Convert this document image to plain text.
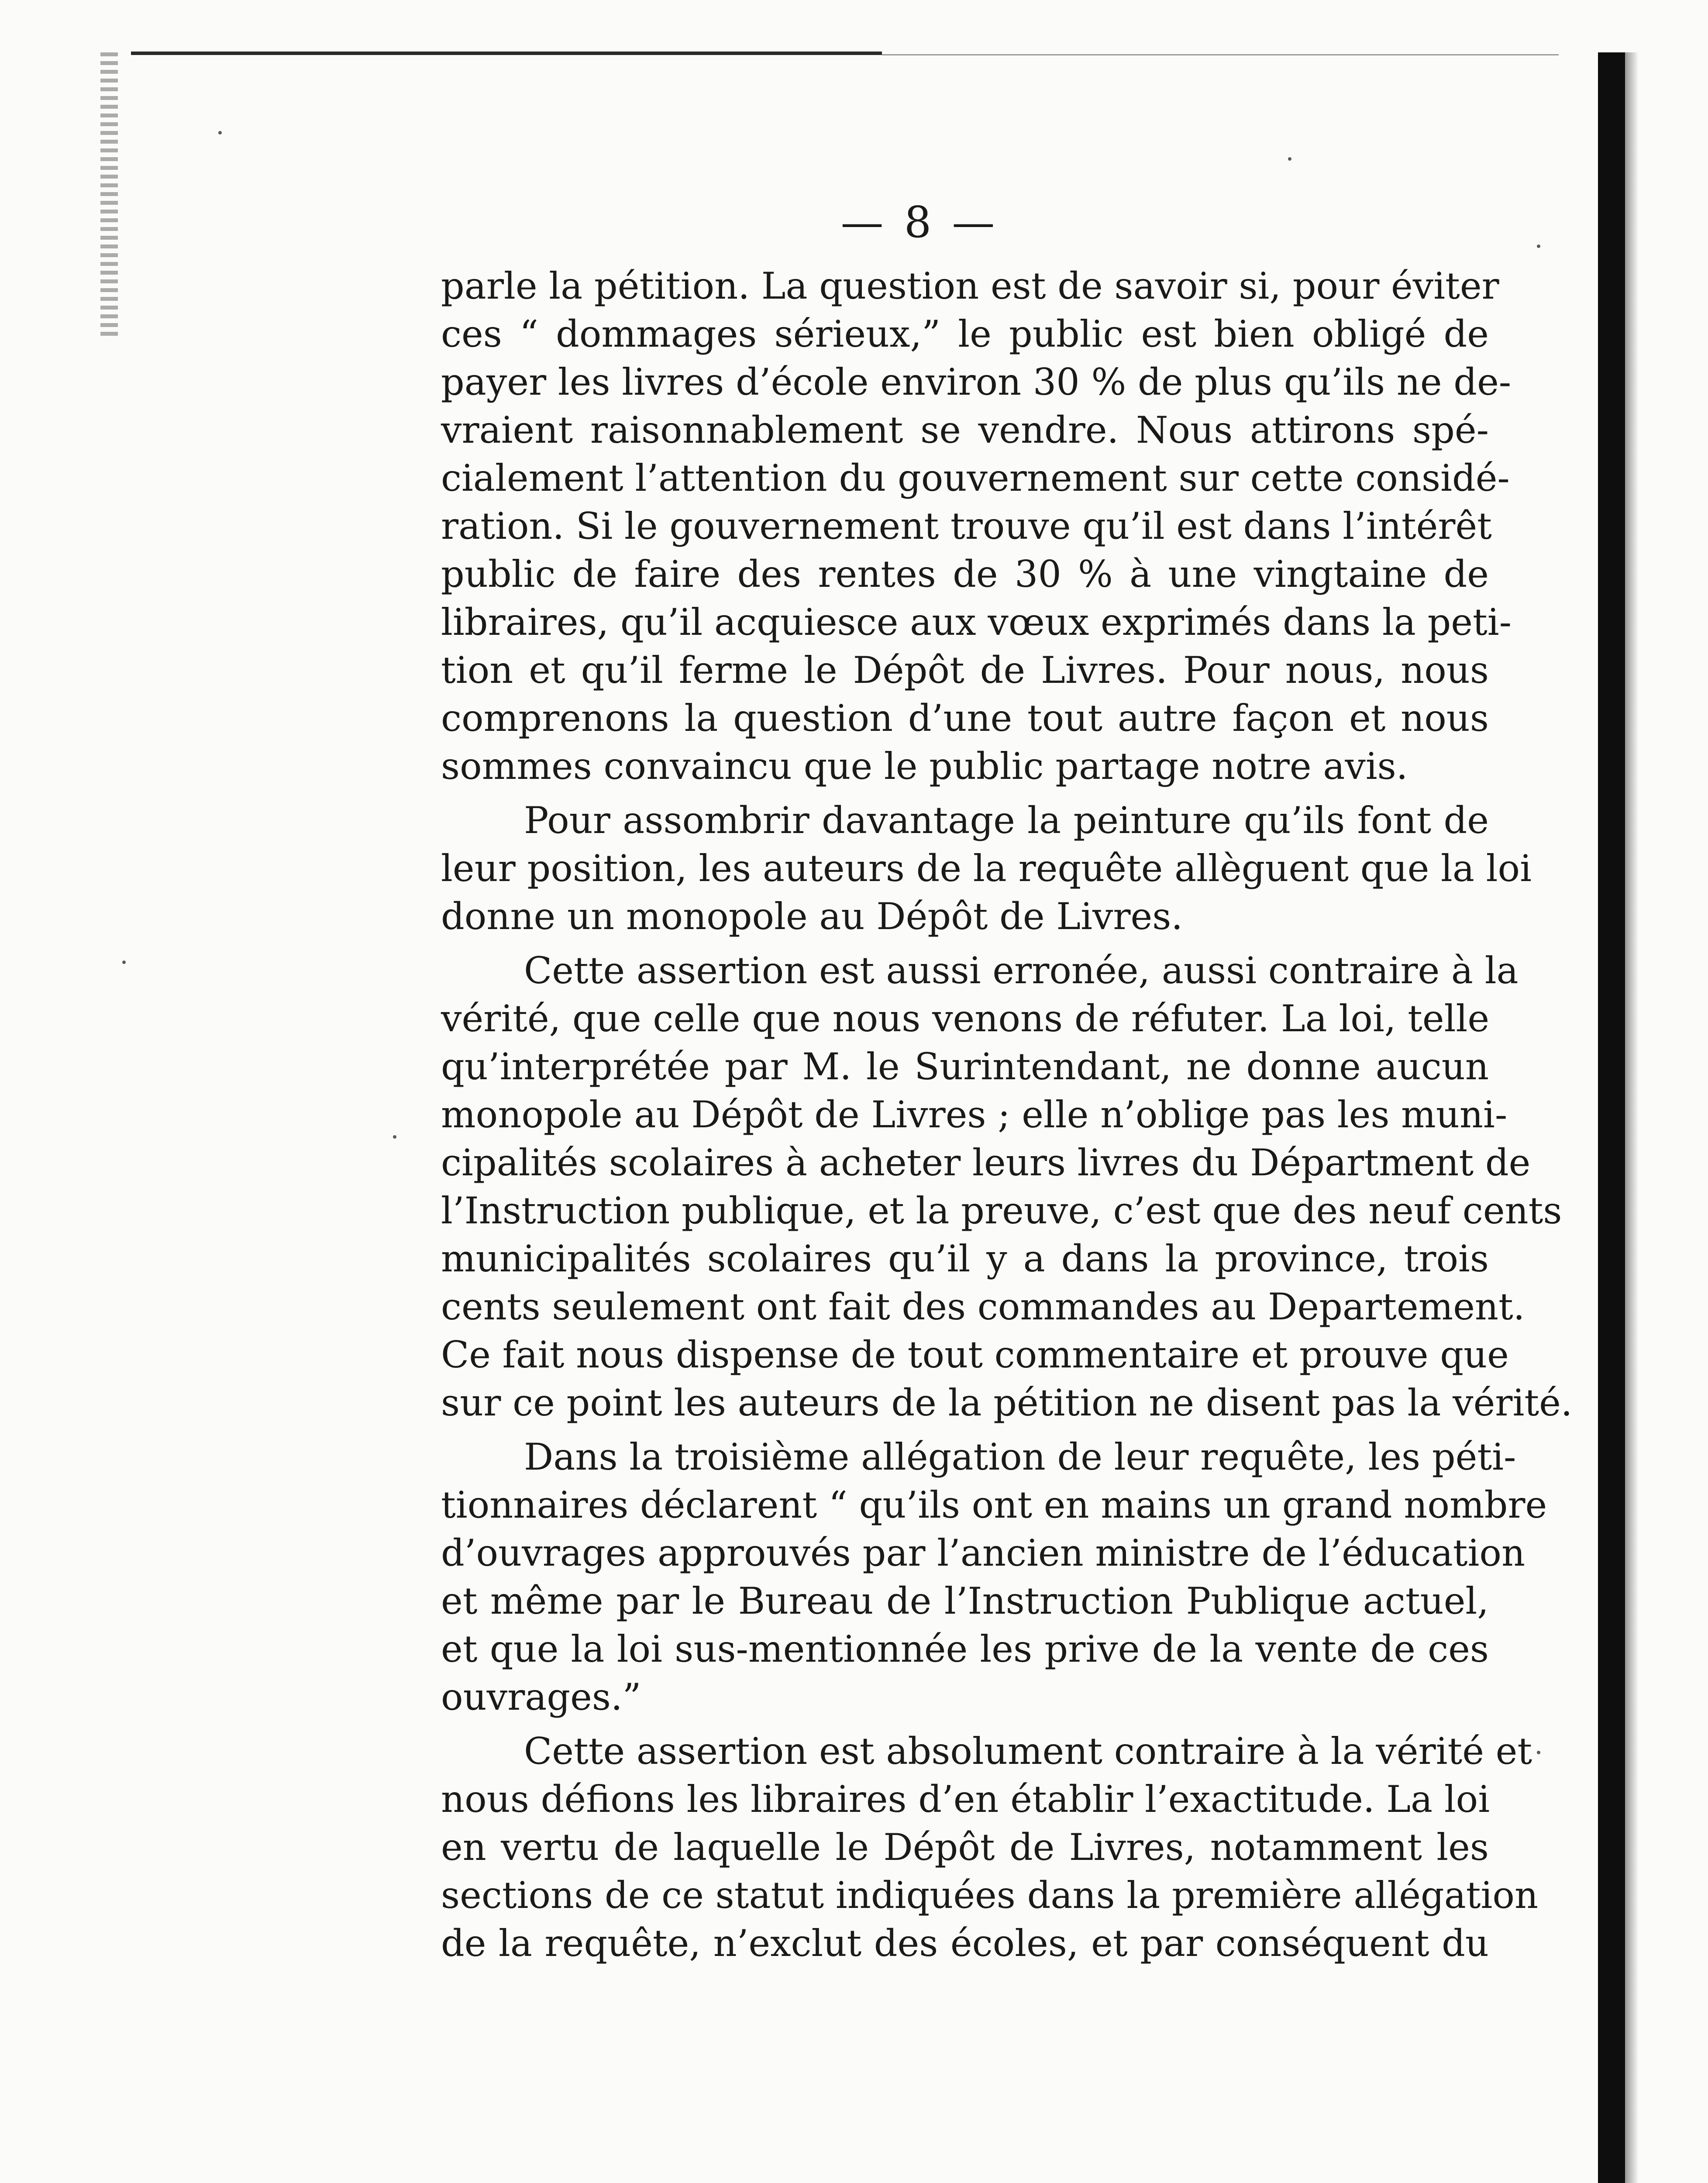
— 8 —
parle la pétition. La question est de savoir si, pour éviter
ces “ dommages sérieux,” le public est bien obligé de
payer les livres d’école environ 30 % de plus qu’ils ne de-
vraient raisonnablement se vendre. Nous attirons spé-
cialement l’attention du gouvernement sur cette considé-
ration. Si le gouvernement trouve qu’il est dans l’intérêt
public de faire des rentes de 30 % à une vingtaine de
libraires, qu’il acquiesce aux vœux exprimés dans la peti-
tion et qu’il ferme le Dépôt de Livres. Pour nous, nous
comprenons la question d’une tout autre façon et nous
sommes convaincu que le public partage notre avis.
Pour assombrir davantage la peinture qu’ils font de
leur position, les auteurs de la requête allèguent que la loi
donne un monopole au Dépôt de Livres.
Cette assertion est aussi erronée, aussi contraire à la
vérité, que celle que nous venons de réfuter. La loi, telle
qu’interprétée par M. le Surintendant, ne donne aucun
monopole au Dépôt de Livres ; elle n’oblige pas les muni-
cipalités scolaires à acheter leurs livres du Départment de
l’Instruction publique, et la preuve, c’est que des neuf cents
municipalités scolaires qu’il y a dans la province, trois
cents seulement ont fait des commandes au Departement.
Ce fait nous dispense de tout commentaire et prouve que
sur ce point les auteurs de la pétition ne disent pas la vérité.
Dans la troisième allégation de leur requête, les péti-
tionnaires déclarent “ qu’ils ont en mains un grand nombre
d’ouvrages approuvés par l’ancien ministre de l’éducation
et même par le Bureau de l’Instruction Publique actuel,
et que la loi sus-mentionnée les prive de la vente de ces
ouvrages.”
Cette assertion est absolument contraire à la vérité et
nous défions les libraires d’en établir l’exactitude. La loi
en vertu de laquelle le Dépôt de Livres, notamment les
sections de ce statut indiquées dans la première allégation
de la requête, n’exclut des écoles, et par conséquent du
